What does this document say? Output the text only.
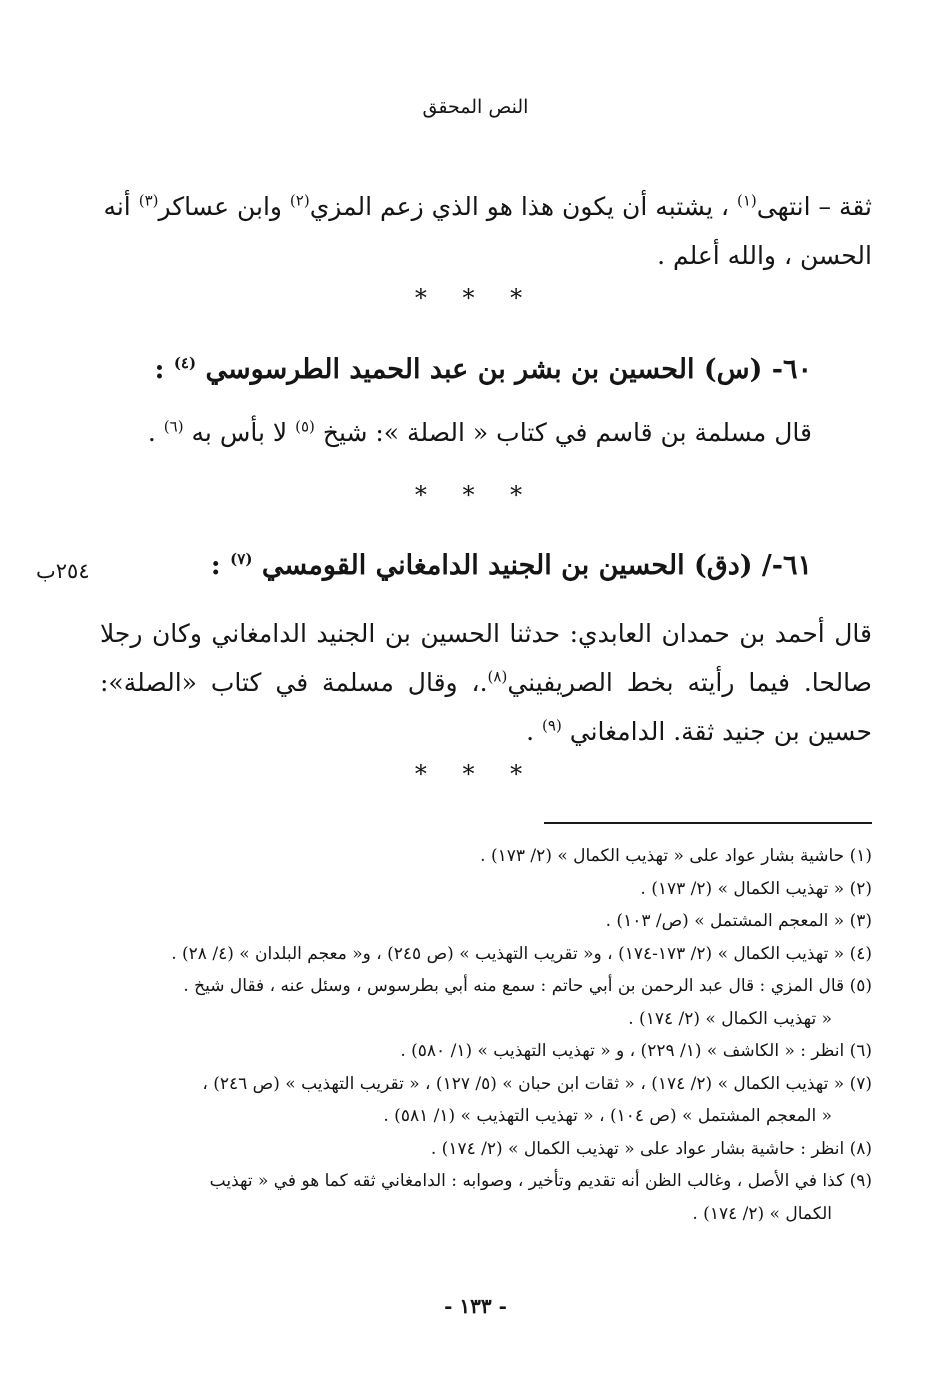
النص المحقق
ثقة – انتهى$^{(١)}$ ، يشتبه أن يكون هذا هو الذي زعم المزي$^{(٢)}$ وابن عساكر$^{(٣)}$ أنه
الحسن ، والله أعلم .
* * *
٦٠- (س) الحسين بن بشر بن عبد الحميد الطرسوسي $^{(٤)}$ :
قال مسلمة بن قاسم في كتاب « الصلة »: شيخ $^{(٥)}$ لا بأس به $^{(٦)}$ .
* * *
٦١-/ (دق) الحسين بن الجنيد الدامغاني القومسي $^{(٧)}$ :
٢٥٤ب
قال أحمد بن حمدان العابدي: حدثنا الحسين بن الجنيد الدامغاني وكان رجلا صالحا. فيما رأيته بخط الصريفيني$^{(٨)}$.، وقال مسلمة في كتاب «الصلة»: حسين بن جنيد ثقة. الدامغاني $^{(٩)}$ .
* * *
(١) حاشية بشار عواد على « تهذيب الكمال » (٢/ ١٧٣) .
(٢) « تهذيب الكمال » (٢/ ١٧٣) .
(٣) « المعجم المشتمل » (ص/ ١٠٣) .
(٤) « تهذيب الكمال » (٢/ ١٧٣-١٧٤) ، و« تقريب التهذيب » (ص ٢٤٥) ، و« معجم البلدان » (٤/ ٢٨) .
(٥) قال المزي : قال عبد الرحمن بن أبي حاتم : سمع منه أبي بطرسوس ، وسئل عنه ، فقال شيخ .
« تهذيب الكمال » (٢/ ١٧٤) .
(٦) انظر : « الكاشف » (١/ ٢٢٩) ، و « تهذيب التهذيب » (١/ ٥٨٠) .
(٧) « تهذيب الكمال » (٢/ ١٧٤) ، « ثقات ابن حبان » (٥/ ١٢٧) ، « تقريب التهذيب » (ص ٢٤٦) ،
« المعجم المشتمل » (ص ١٠٤) ، « تهذيب التهذيب » (١/ ٥٨١) .
(٨) انظر : حاشية بشار عواد على « تهذيب الكمال » (٢/ ١٧٤) .
(٩) كذا في الأصل ، وغالب الظن أنه تقديم وتأخير ، وصوابه : الدامغاني ثقه كما هو في « تهذيب
الكمال » (٢/ ١٧٤) .
- ١٣٣ -
